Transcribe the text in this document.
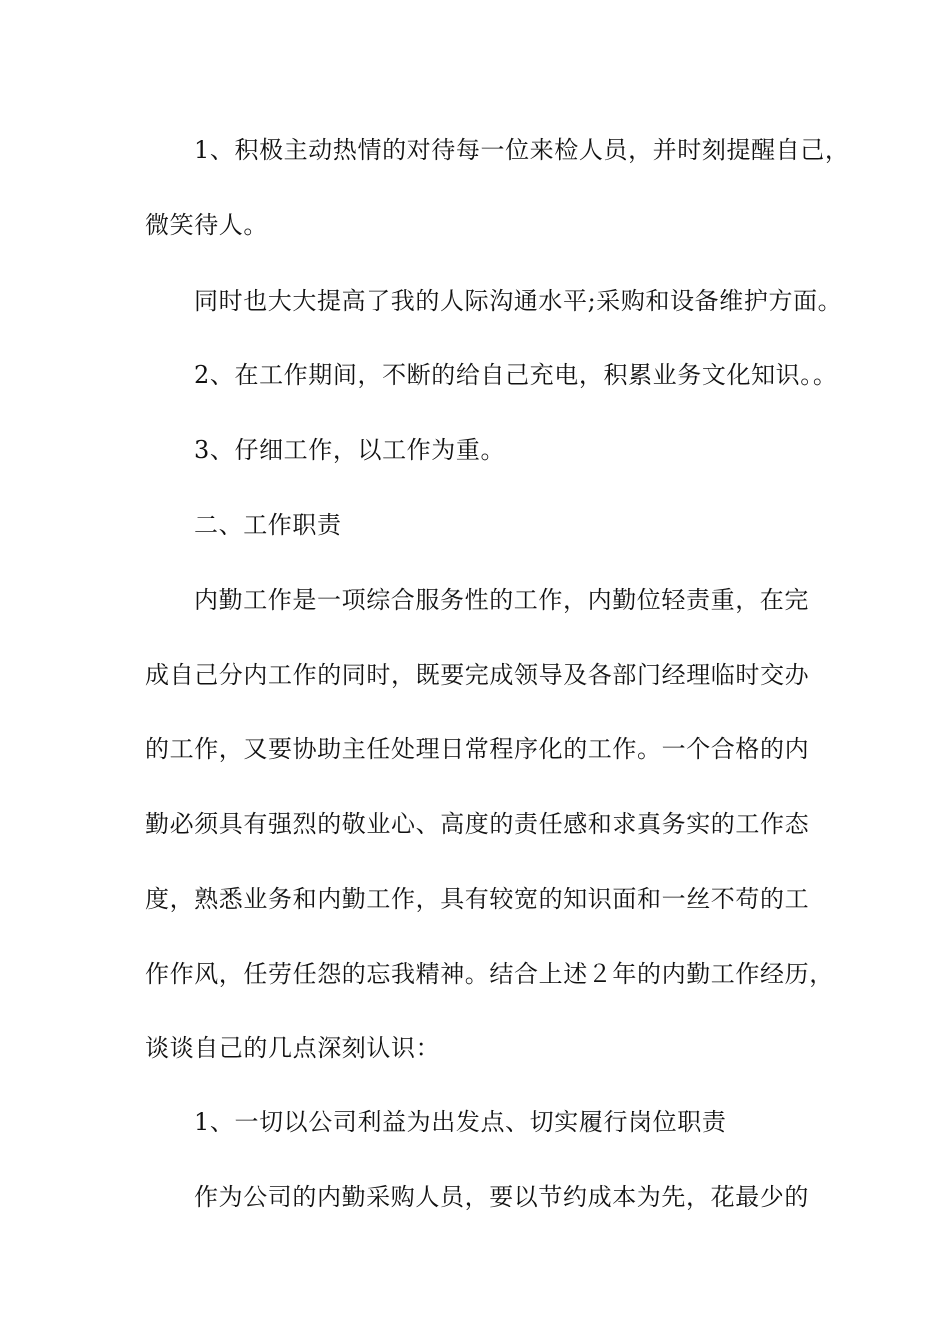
1、积极主动热情的对待每一位来检人员，并时刻提醒自己，
微笑待人。
同时也大大提高了我的人际沟通水平;采购和设备维护方面。
2、在工作期间，不断的给自己充电，积累业务文化知识。。
3、仔细工作，以工作为重。
二、工作职责
内勤工作是一项综合服务性的工作，内勤位轻责重，在完
成自己分内工作的同时，既要完成领导及各部门经理临时交办
的工作，又要协助主任处理日常程序化的工作。一个合格的内
勤必须具有强烈的敬业心、高度的责任感和求真务实的工作态
度，熟悉业务和内勤工作，具有较宽的知识面和一丝不苟的工
作作风，任劳任怨的忘我精神。结合上述２年的内勤工作经历，
谈谈自己的几点深刻认识：
1、一切以公司利益为出发点、切实履行岗位职责
作为公司的内勤采购人员，要以节约成本为先，花最少的
